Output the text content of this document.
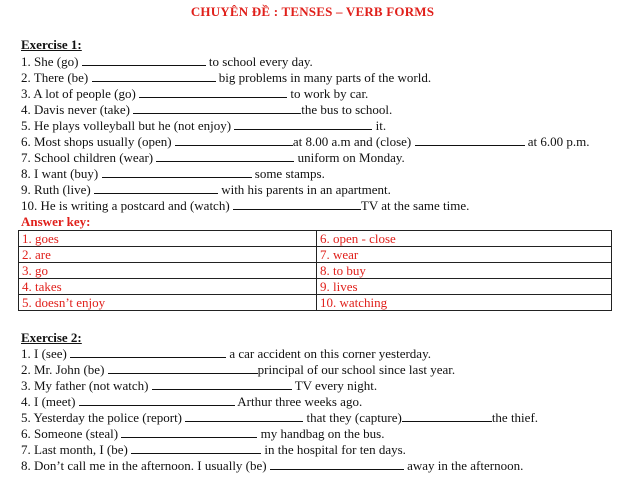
CHUYÊN ĐỀ : TENSES – VERB FORMS
Exercise 1:
1. She (go)	to school every day.
2. There (be)	big problems in many parts of the world.
3. A lot of people (go)	to work by car.
4. Davis never (take)	the bus to school.
5. He plays volleyball but he (not enjoy)	it.
6. Most shops usually (open)	at 8.00 a.m and (close)	at 6.00 p.m.
7. School children (wear)	uniform on Monday.
8. I want (buy)	some stamps.
9. Ruth (live)	with his parents in an apartment.
10. He is writing a postcard and (watch)	TV at the same time.
Answer key:
1. goes	6. open - close
2. are	7. wear
3. go	8. to buy
4. takes	9. lives
5. doesn’t enjoy	10. watching
Exercise 2:
1. I (see)	a car accident on this corner yesterday.
2. Mr. John (be)	principal of our school since last year.
3. My father (not watch)	TV every night.
4. I (meet)	Arthur three weeks ago.
5. Yesterday the police (report)	that they (capture)	the thief.
6. Someone (steal)	my handbag on the bus.
7. Last month, I (be)	in the hospital for ten days.
8. Don’t call me in the afternoon. I usually (be)	away in the afternoon.
